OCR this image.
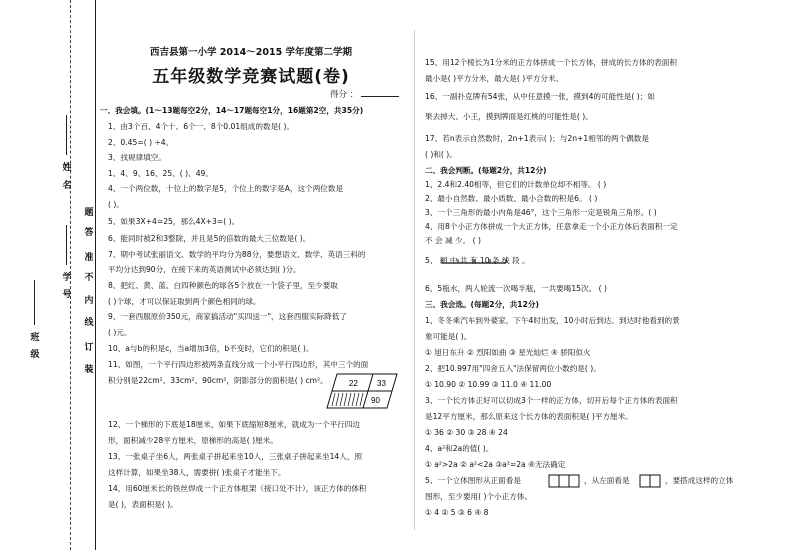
姓
名
学
号
班
级
题
答
准
不
内
线
订
装
西吉县第一小学 2014～2015 学年度第二学期
五年级数学竞赛试题(卷)
得分 ：
一、我会填。(1～13题每空2分，14～17题每空1分，16题第2空，共35分)
1、由3个百、4个十、6个一、8个0.01组成的数是( )。
2、0.45=( ) ÷4。
3、找规律填空。
1、4、9、16、25、( )、49。
4、一个两位数，十位上的数字是5，个位上的数字是A，这个两位数是
( )。
5、如果3X+4=25，那么4X+3=( )。
6、能同时被2和3整除，并且是5的倍数的最大三位数是( )。
7、期中考试张丽语文、数学的平均分为88分，要想语文、数学、英语三科的
平均分达到90分，在接下来的英语测试中必须达到( )分。
8、把红、黄、蓝、白四种颜色的球各5个放在一个袋子里，至少要取
( )个球，才可以保证取到两个颜色相同的球。
9、一套西服原价350元，商家搞活动"买四送一"，这套西服实际降低了
( )元。
10、a与b的积是c，当a增加3倍，b不变时，它们的积是( )。
11、如图，一个平行四边形被两条直线分成一个小平行四边形，其中三个的面
积分别是22cm²、33cm²、90cm²，阴影部分的面积是( ) cm²。	22 33
90
12、一个梯形的下底是18厘米，如果下底缩短8厘米，就成为一个平行四边
形，面积减少28平方厘米，原梯形的高是( )厘米。
13、一张桌子坐6人，两张桌子拼起来坐10人，三张桌子拼起来坐14人，照
这样计算，如果坐38人，需要拼( )张桌子才能坐下。
14、用60厘米长的铁丝焊成一个正方体框架（接口处不计），该正方体的体积
是( )，表面积是( )。
15、用12个棱长为1分米的正方体拼成一个长方体，拼成的长方体的表面积
最小是( )平方分米，最大是( )平方分米。
16、一副扑克牌有54张，从中任意摸一张，摸到4的可能性是( )；如
果去掉大、小王，摸到牌面是红桃的可能性是( )。
17、若n表示自然数时，2n+1表示( )；与2n+1相邻的两个偶数是
( )和( )。
二、我会判断。(每题2分，共12分)
1、2.4和2.40相等，但它们的计数单位却不相等。 ( )
2、最小自然数、最小质数、最小合数的积是6。 ( )
3、一个三角形的最小内角是46°，这个三角形一定是锐角三角形。( )
4、用8个小正方体拼成一个大正方体，任意拿走一个小正方体后表面积一定
不 会 减 少。 ( )
5、 图 中 共 有 10 条 线 段 。
6、5瓶水，两人轮流一次喝半瓶，一共要喝15次。 ( )
三、我会选。(每题2分，共12分)
1、冬冬乘汽车到外婆家，下午4时出发，10小时后到达。到达时他看到的景
象可能是( )。
① 旭日东升 ② 烈阳如曲 ③ 星光灿烂 ④ 骄阳似火
2、把10.997用"四舍五入"法保留两位小数约是( )。
① 10.90 ② 10.99 ③ 11.0 ④ 11.00
3、一个长方体正好可以切成3个一样的正方体，切开后每个正方体的表面积
是12平方厘米，那么原来这个长方体的表面积是( )平方厘米。
① 36 ② 30 ③ 28 ④ 24
4、a²和2a的值( )。
① a²>2a ② a²<2a ③a²=2a ④无法确定
5、一个立体图形从正面看是	，从左面看是	，要搭成这样的立体
图形，至少要用( )个小正方体。
① 4 ② 5 ③ 6 ④ 8
